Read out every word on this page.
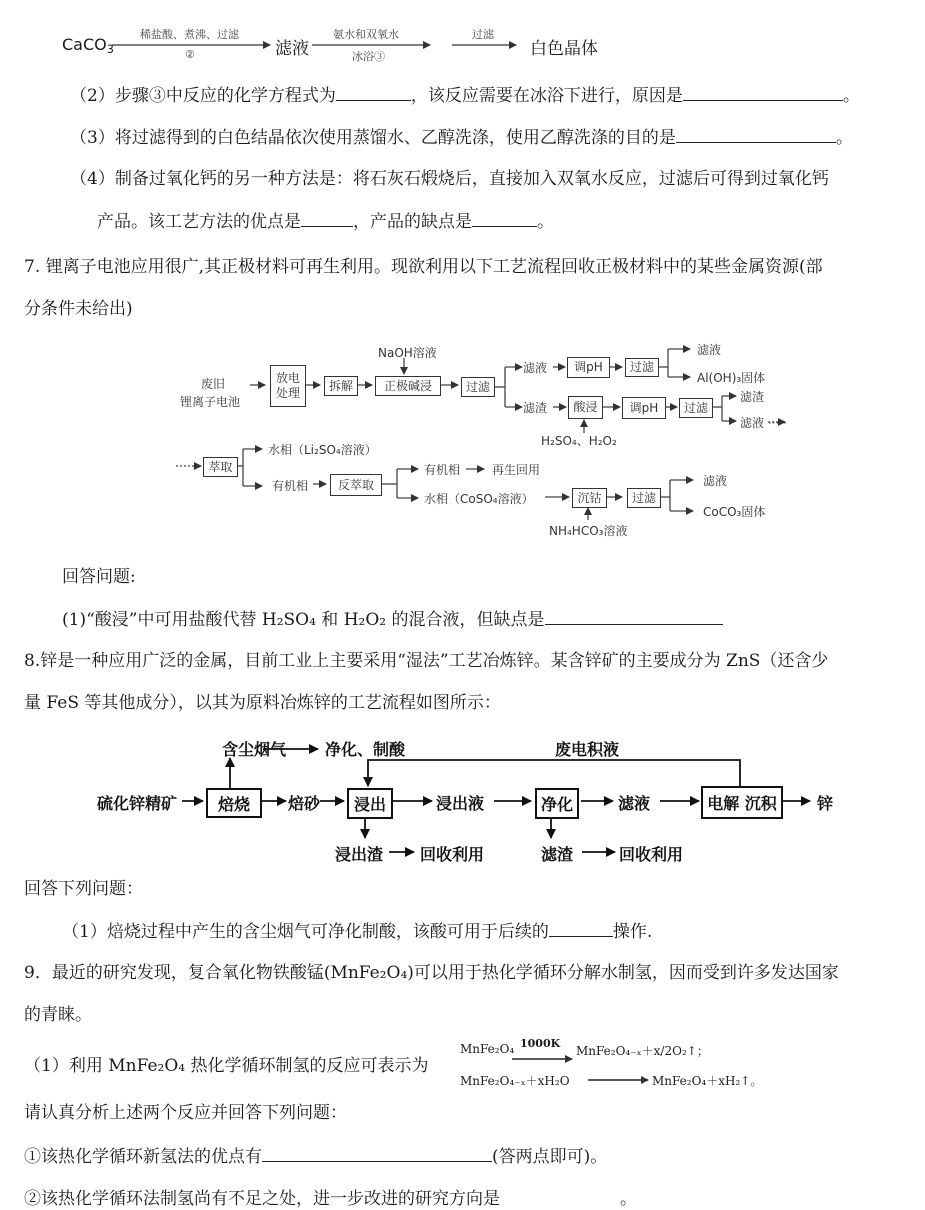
CaCO$_3$
稀盐酸、煮沸、过滤
②	滤液
氨水和双氧水
冰浴③
过滤
白色晶体
（2）步骤③中反应的化学方程式为	，该反应需要在冰浴下进行，原因是	。
（3）将过滤得到的白色结晶依次使用蒸馏水、乙醇洗涤，使用乙醇洗涤的目的是	。
（4）制备过氧化钙的另一种方法是：将石灰石煅烧后，直接加入双氧水反应，过滤后可得到过氧化钙
产品。该工艺方法的优点是	，产品的缺点是	。
7. 锂离子电池应用很广,其正极材料可再生利用。现欲利用以下工艺流程回收正极材料中的某些金属资源(部
分条件未给出)
废旧
锂离子电池
放电
处理
拆解
NaOH溶液
正极碱浸	过滤
滤液	调pH	过滤
滤液
Al(OH)₃固体
滤渣	酸浸
H₂SO₄、H₂O₂
调pH	过滤
滤渣
滤液 ·····
萃取
水相（Li₂SO₄溶液）
有机相	反萃取
有机相	再生回用
水相（CoSO₄溶液）	沉钴
NH₄HCO₃溶液
过滤
滤液
CoCO₃固体
回答问题:
(1)“酸浸”中可用盐酸代替 H₂SO₄ 和 H₂O₂ 的混合液，但缺点是
8.锌是一种应用广泛的金属，目前工业上主要采用“湿法”工艺冶炼锌。某含锌矿的主要成分为 ZnS（还含少
量 FeS 等其他成分），以其为原料冶炼锌的工艺流程如图所示：
含尘烟气 净化、制酸	废电积液
硫化锌精矿	焙烧	焙砂	浸出	浸出液
浸出渣 回收利用
净化	滤液
滤渣	回收利用
电解 沉积	锌
回答下列问题：
（1）焙烧过程中产生的含尘烟气可净化制酸，该酸可用于后续的	操作.
9．最近的研究发现，复合氧化物铁酸锰(MnFe₂O₄)可以用于热化学循环分解水制氢，因而受到许多发达国家
的青睐。
（1）利用 MnFe₂O₄ 热化学循环制氢的反应可表示为
MnFe₂O₄ 1000K
MnFe₂O₄₋ₓ＋x/2O₂↑；
MnFe₂O₄₋ₓ＋xH₂O	MnFe₂O₄＋xH₂↑。
请认真分析上述两个反应并回答下列问题：
①该热化学循环新氢法的优点有	(答两点即可)。
②该热化学循环法制氢尚有不足之处，进一步改进的研究方向是	。
